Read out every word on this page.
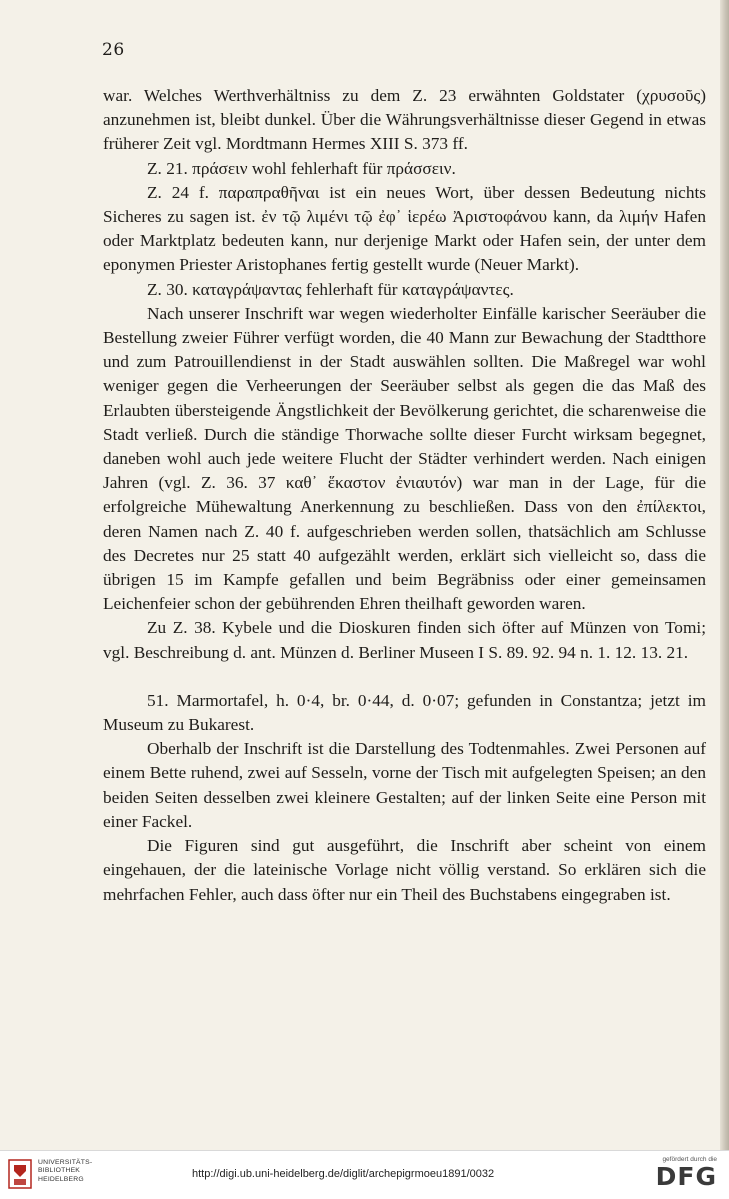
26

war. Welches Werthverhältniss zu dem Z. 23 erwähnten Goldstater (χρυσοῦς) anzunehmen ist, bleibt dunkel. Über die Währungsverhältnisse dieser Gegend in etwas früherer Zeit vgl. Mordtmann Hermes XIII S. 373 ff.

Z. 21. πράσειν wohl fehlerhaft für πράσσειν.

Z. 24 f. παραπραθῆναι ist ein neues Wort, über dessen Bedeutung nichts Sicheres zu sagen ist. ἐν τῷ λιμένι τῷ ἐφ᾽ ἱερέω Ἀριστοφάνου kann, da λιμήν Hafen oder Marktplatz bedeuten kann, nur derjenige Markt oder Hafen sein, der unter dem eponymen Priester Aristophanes fertig gestellt wurde (Neuer Markt).

Z. 30. καταγράψαντας fehlerhaft für καταγράψαντες.

Nach unserer Inschrift war wegen wiederholter Einfälle karischer Seeräuber die Bestellung zweier Führer verfügt worden, die 40 Mann zur Bewachung der Stadtthore und zum Patrouillendienst in der Stadt auswählen sollten. Die Maßregel war wohl weniger gegen die Verheerungen der Seeräuber selbst als gegen die das Maß des Erlaubten übersteigende Ängstlichkeit der Bevölkerung gerichtet, die scharenweise die Stadt verließ. Durch die ständige Thorwache sollte dieser Furcht wirksam begegnet, daneben wohl auch jede weitere Flucht der Städter verhindert werden. Nach einigen Jahren (vgl. Z. 36. 37 καθ᾽ ἕκαστον ἐνιαυτόν) war man in der Lage, für die erfolgreiche Mühewaltung Anerkennung zu beschließen. Dass von den ἐπίλεκτοι, deren Namen nach Z. 40 f. aufgeschrieben werden sollen, thatsächlich am Schlusse des Decretes nur 25 statt 40 aufgezählt werden, erklärt sich vielleicht so, dass die übrigen 15 im Kampfe gefallen und beim Begräbniss oder einer gemeinsamen Leichenfeier schon der gebührenden Ehren theilhaft geworden waren.

Zu Z. 38. Kybele und die Dioskuren finden sich öfter auf Münzen von Tomi; vgl. Beschreibung d. ant. Münzen d. Berliner Museen I S. 89. 92. 94 n. 1. 12. 13. 21.

51. Marmortafel, h. 0·4, br. 0·44, d. 0·07; gefunden in Constantza; jetzt im Museum zu Bukarest.

Oberhalb der Inschrift ist die Darstellung des Todtenmahles. Zwei Personen auf einem Bette ruhend, zwei auf Sesseln, vorne der Tisch mit aufgelegten Speisen; an den beiden Seiten desselben zwei kleinere Gestalten; auf der linken Seite eine Person mit einer Fackel.

Die Figuren sind gut ausgeführt, die Inschrift aber scheint von einem eingehauen, der die lateinische Vorlage nicht völlig verstand. So erklären sich die mehrfachen Fehler, auch dass öfter nur ein Theil des Buchstabens eingegraben ist.

UNIVERSITÄTS-
BIBLIOTHEK
HEIDELBERG	http://digi.ub.uni-heidelberg.de/diglit/archepigrmoeu1891/0032
gefördert durch die
DFG
